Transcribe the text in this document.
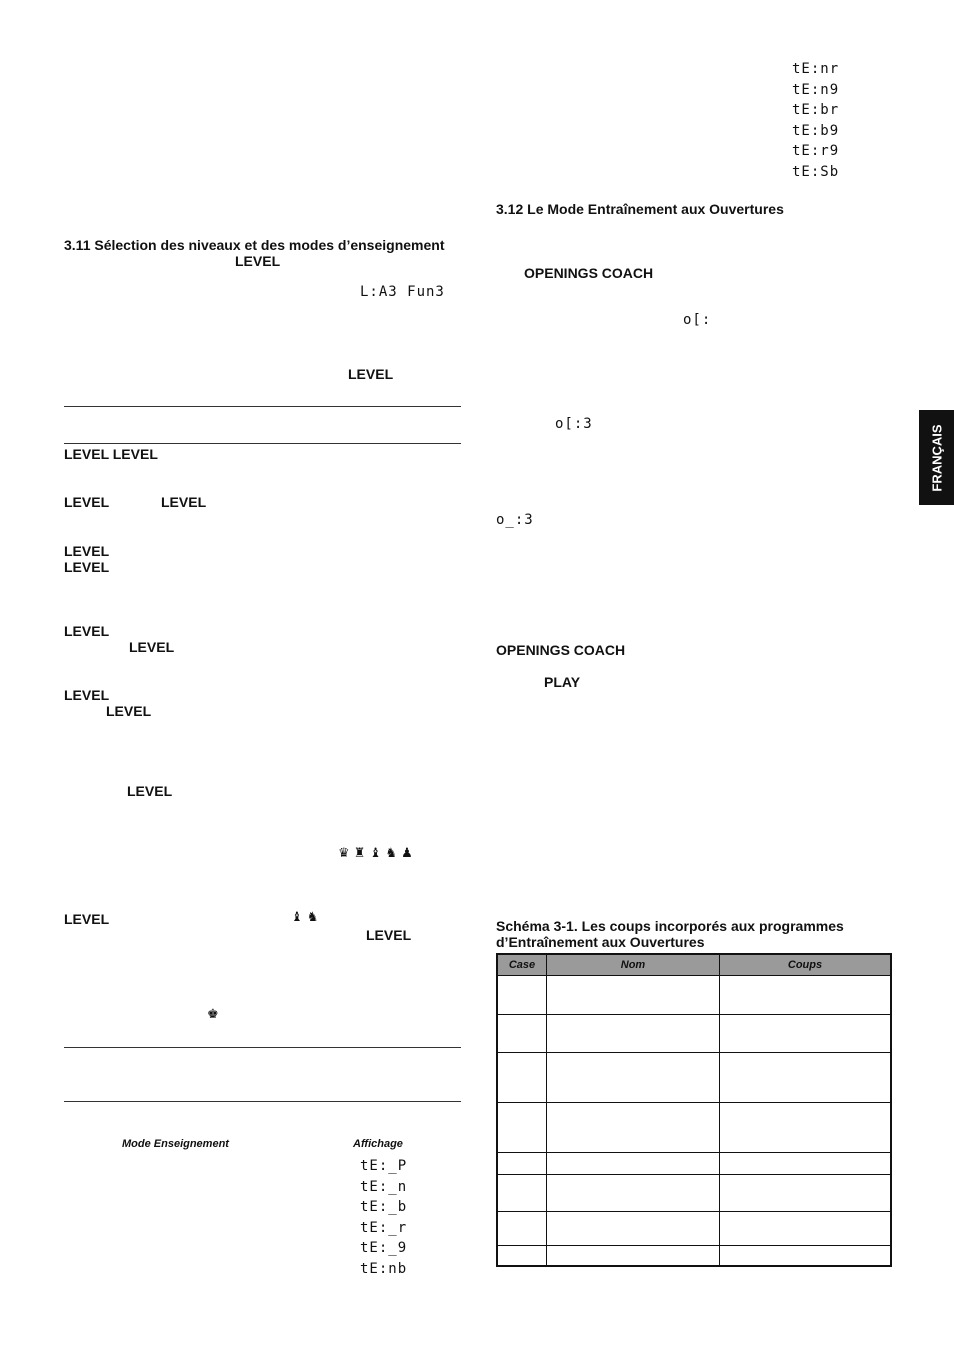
3.11 Sélection des niveaux et des modes d’enseignement
LEVEL
L:A3 Fun3
LEVEL
LEVEL LEVEL
LEVEL	LEVEL
LEVEL
LEVEL
LEVEL
LEVEL
LEVEL
LEVEL
LEVEL
♛ ♜ ♝ ♞ ♟
LEVEL	♝ ♞
LEVEL
♚
Mode Enseignement	Affichage
tE:_P
tE:_n
tE:_b
tE:_r
tE:_9
tE:nb
tE:nr
tE:n9
tE:br
tE:b9
tE:r9
tE:Sb
3.12 Le Mode Entraînement aux Ouvertures
OPENINGS COACH
o[:
o[:3
o_:3
OPENINGS COACH
PLAY
Schéma 3-1. Les coups incorporés aux programmes
d’Entraînement aux Ouvertures
Case	Nom	Coups

FRANÇAIS
